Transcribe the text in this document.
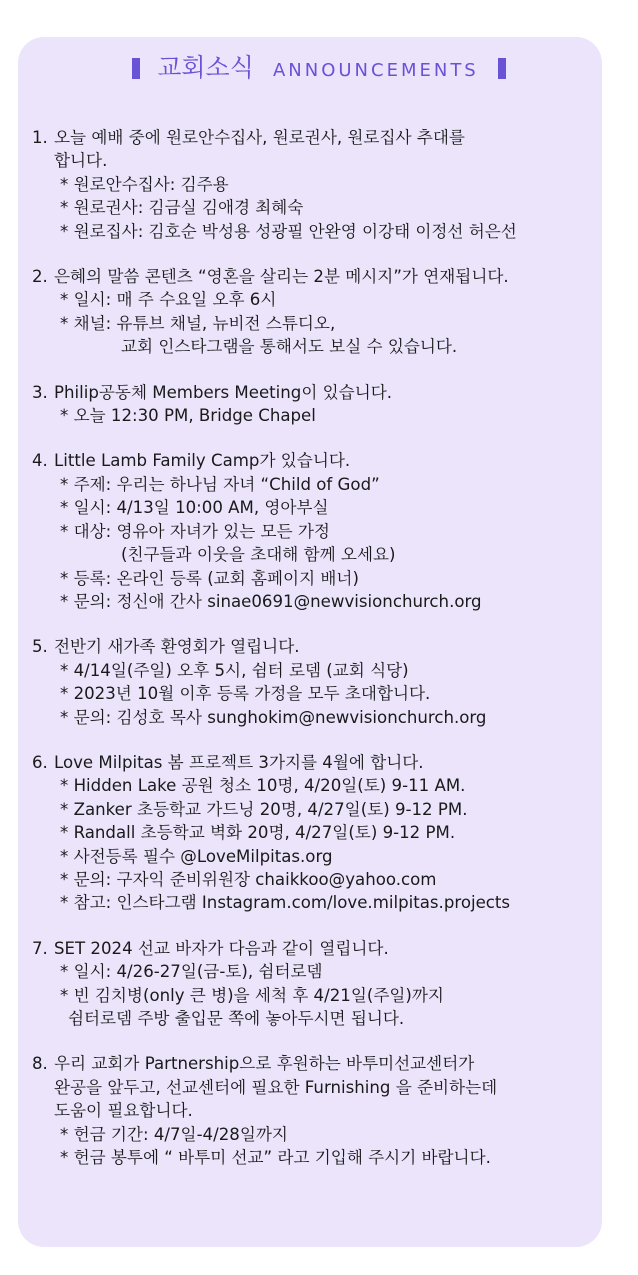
교회소식 ANNOUNCEMENTS
1. 오늘 예배 중에 원로안수집사, 원로권사, 원로집사 추대를
합니다.
* 원로안수집사: 김주용
* 원로권사: 김금실 김애경 최혜숙
* 원로집사: 김호순 박성용 성광필 안완영 이강태 이정선 허은선
2. 은혜의 말씀 콘텐츠 “영혼을 살리는 2분 메시지”가 연재됩니다.
* 일시: 매 주 수요일 오후 6시
* 채널: 유튜브 채널, 뉴비전 스튜디오,
교회 인스타그램을 통해서도 보실 수 있습니다.
3. Philip공동체 Members Meeting이 있습니다.
* 오늘 12:30 PM, Bridge Chapel
4. Little Lamb Family Camp가 있습니다.
* 주제: 우리는 하나님 자녀 “Child of God”
* 일시: 4/13일 10:00 AM, 영아부실
* 대상: 영유아 자녀가 있는 모든 가정
(친구들과 이웃을 초대해 함께 오세요)
* 등록: 온라인 등록 (교회 홈페이지 배너)
* 문의: 정신애 간사 sinae0691@newvisionchurch.org
5. 전반기 새가족 환영회가 열립니다.
* 4/14일(주일) 오후 5시, 쉼터 로뎀 (교회 식당)
* 2023년 10월 이후 등록 가정을 모두 초대합니다.
* 문의: 김성호 목사 sunghokim@newvisionchurch.org
6. Love Milpitas 봄 프로젝트 3가지를 4월에 합니다.
* Hidden Lake 공원 청소 10명, 4/20일(토) 9-11 AM.
* Zanker 초등학교 가드닝 20명, 4/27일(토) 9-12 PM.
* Randall 초등학교 벽화 20명, 4/27일(토) 9-12 PM.
* 사전등록 필수 @LoveMilpitas.org
* 문의: 구자익 준비위원장 chaikkoo@yahoo.com
* 참고: 인스타그램 Instagram.com/love.milpitas.projects
7. SET 2024 선교 바자가 다음과 같이 열립니다.
* 일시: 4/26-27일(금-토), 쉼터로뎀
* 빈 김치병(only 큰 병)을 세척 후 4/21일(주일)까지
쉼터로뎀 주방 출입문 쪽에 놓아두시면 됩니다.
8. 우리 교회가 Partnership으로 후원하는 바투미선교센터가
완공을 앞두고, 선교센터에 필요한 Furnishing 을 준비하는데
도움이 필요합니다.
* 헌금 기간: 4/7일-4/28일까지
* 헌금 봉투에 “ 바투미 선교” 라고 기입해 주시기 바랍니다.
